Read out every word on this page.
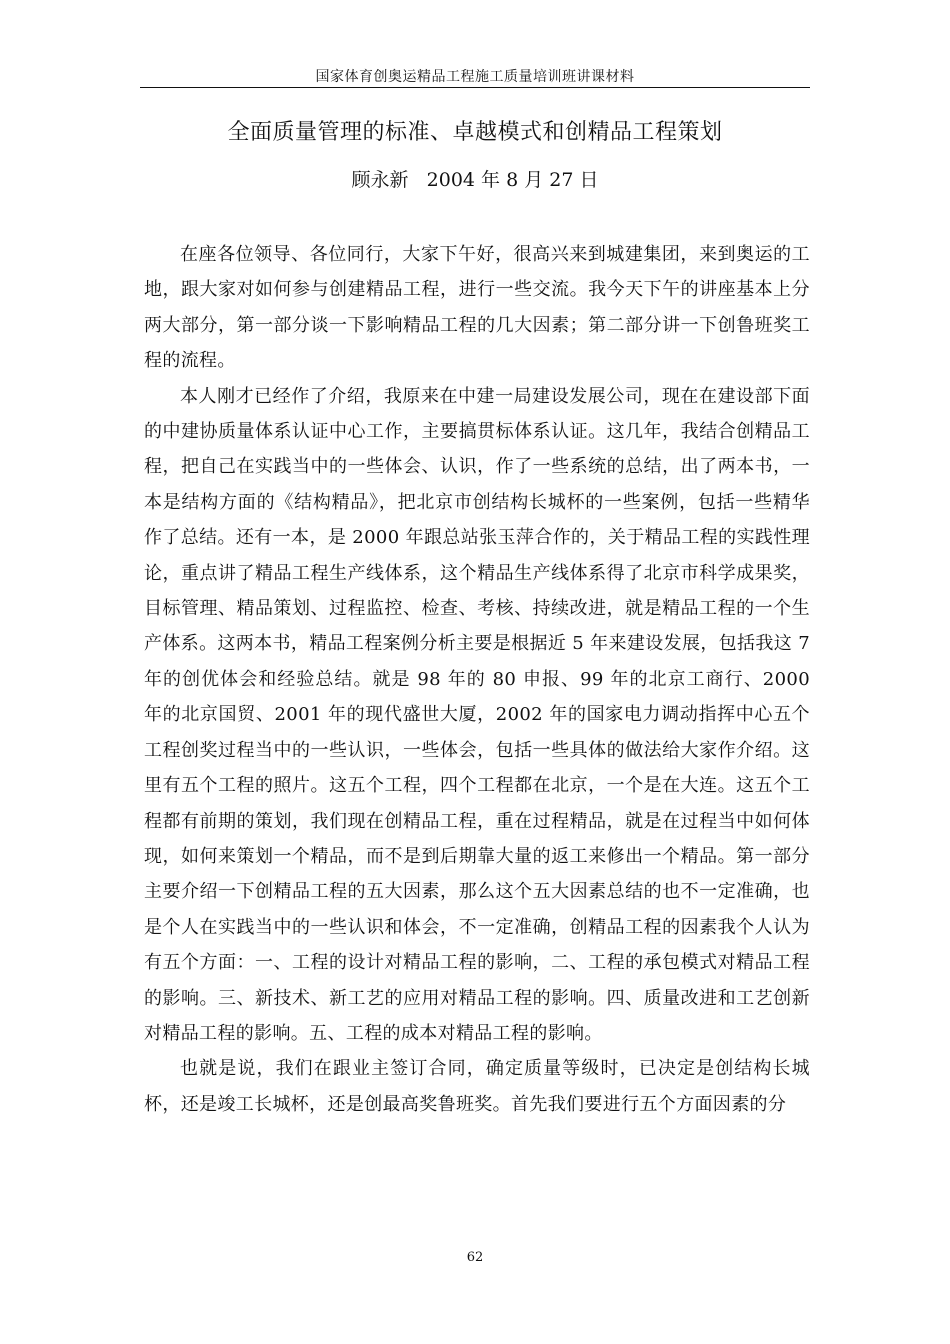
国家体育创奥运精品工程施工质量培训班讲课材料
全面质量管理的标准、卓越模式和创精品工程策划
顾永新   2004 年 8 月 27 日

在座各位领导、各位同行，大家下午好，很高兴来到城建集团，来到奥运的工地，跟大家对如何参与创建精品工程，进行一些交流。我今天下午的讲座基本上分两大部分，第一部分谈一下影响精品工程的几大因素；第二部分讲一下创鲁班奖工程的流程。

本人刚才已经作了介绍，我原来在中建一局建设发展公司，现在在建设部下面的中建协质量体系认证中心工作，主要搞贯标体系认证。这几年，我结合创精品工程，把自己在实践当中的一些体会、认识，作了一些系统的总结，出了两本书，一本是结构方面的《结构精品》，把北京市创结构长城杯的一些案例，包括一些精华作了总结。还有一本，是 2000 年跟总站张玉萍合作的，关于精品工程的实践性理论，重点讲了精品工程生产线体系，这个精品生产线体系得了北京市科学成果奖，目标管理、精品策划、过程监控、检查、考核、持续改进，就是精品工程的一个生产体系。这两本书，精品工程案例分析主要是根据近 5 年来建设发展，包括我这 7 年的创优体会和经验总结。就是 98 年的 80 申报、99 年的北京工商行、2000 年的北京国贸、2001 年的现代盛世大厦，2002 年的国家电力调动指挥中心五个工程创奖过程当中的一些认识，一些体会，包括一些具体的做法给大家作介绍。这里有五个工程的照片。这五个工程，四个工程都在北京，一个是在大连。这五个工程都有前期的策划，我们现在创精品工程，重在过程精品，就是在过程当中如何体现，如何来策划一个精品，而不是到后期靠大量的返工来修出一个精品。第一部分主要介绍一下创精品工程的五大因素，那么这个五大因素总结的也不一定准确，也是个人在实践当中的一些认识和体会，不一定准确，创精品工程的因素我个人认为有五个方面：一、工程的设计对精品工程的影响，二、工程的承包模式对精品工程的影响。三、新技术、新工艺的应用对精品工程的影响。四、质量改进和工艺创新对精品工程的影响。五、工程的成本对精品工程的影响。

也就是说，我们在跟业主签订合同，确定质量等级时，已决定是创结构长城杯，还是竣工长城杯，还是创最高奖鲁班奖。首先我们要进行五个方面因素的分

62
